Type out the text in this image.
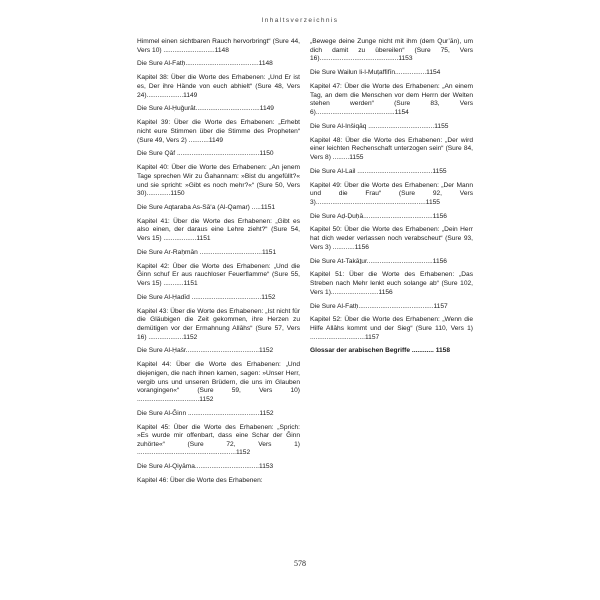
Inhaltsverzeichnis

Himmel einen sichtbaren Rauch hervorbringt“ (Sure 44, Vers 10) ............................1148

Die Sure Al-Fatḥ........................................1148

Kapitel 38: Über die Worte des Erhabenen: „Und Er ist es, Der ihre Hände von euch abhielt“ (Sure 48, Vers 24)....................1149

Die Sure Al-Ḥuǧurāt...................................1149

Kapitel 39: Über die Worte des Erhabenen: „Erhebt nicht eure Stimmen über die Stimme des Propheten“ (Sure 49, Vers 2) ...........1149

Die Sure Qāf .............................................1150

Kapitel 40: Über die Worte des Erhabenen: „An jenem Tage sprechen Wir zu Ǧahannam: »Bist du angefüllt?« und sie spricht: »Gibt es noch mehr?«“ (Sure 50, Vers 30).............1150

Die Sure Aqtaraba As-Sā‘a (Al-Qamar) .....1151

Kapitel 41: Über die Worte des Erhabenen: „Gibt es also einen, der daraus eine Lehre zieht?“ (Sure 54, Vers 15) ..................1151

Die Sure Ar-Raḥmān ..................................1151

Kapitel 42: Über die Worte des Erhabenen: „Und die Ǧinn schuf Er aus rauchloser Feuerflamme“ (Sure 55, Vers 15) ...........1151

Die Sure Al-Ḥadīd ......................................1152

Kapitel 43: Über die Worte des Erhabenen: „Ist nicht für die Gläubigen die Zeit gekommen, ihre Herzen zu demütigen vor der Ermahnung Allāhs“ (Sure 57, Vers 16) ...................1152

Die Sure Al-Ḥašr........................................1152

Kapitel 44: Über die Worte des Erhabenen: „Und diejenigen, die nach ihnen kamen, sagen: »Unser Herr, vergib uns und unseren Brüdern, die uns im Glauben vorangingen«“ (Sure 59, Vers 10) ..................................1152

Die Sure Al-Ǧinn .......................................1152

Kapitel 45: Über die Worte des Erhabenen: „Sprich: »Es wurde mir offenbart, dass eine Schar der Ǧinn zuhörte«“ (Sure 72, Vers 1) ......................................................1152

Die Sure Al-Qiyāma...................................1153

Kapitel 46: Über die Worte des Erhabenen:

„Bewege deine Zunge nicht mit ihm (dem Qur’ān), um dich damit zu übereilen“ (Sure 75, Vers 16)...........................................1153

Die Sure Wailun li-l-Muṭaffifīn.................1154

Kapitel 47: Über die Worte des Erhabenen: „An einem Tag, an dem die Menschen vor dem Herrn der Welten stehen werden“ (Sure 83, Vers 6)...........................................1154

Die Sure Al-Inšiqāq ....................................1155

Kapitel 48: Über die Worte des Erhabenen: „Der wird einer leichten Rechenschaft unterzogen sein“ (Sure 84, Vers 8) .........1155

Die Sure Al-Lail .........................................1155

Kapitel 49: Über die Worte des Erhabenen: „Der Mann und die Frau“ (Sure 92, Vers 3)............................................................1155

Die Sure Aḍ-Ḍuḥā......................................1156

Kapitel 50: Über die Worte des Erhabenen: „Dein Herr hat dich weder verlassen noch verabscheut“ (Sure 93, Vers 3) ............1156

Die Sure At-Takāṯur....................................1156

Kapitel 51: Über die Worte des Erhabenen: „Das Streben nach Mehr lenkt euch solange ab“ (Sure 102, Vers 1)..........................1156

Die Sure Al-Fatḥ.........................................1157

Kapitel 52: Über die Worte des Erhabenen: „Wenn die Hilfe Allāhs kommt und der Sieg“ (Sure 110, Vers 1) ..............................1157

Glossar der arabischen Begriffe ............ 1158

578
